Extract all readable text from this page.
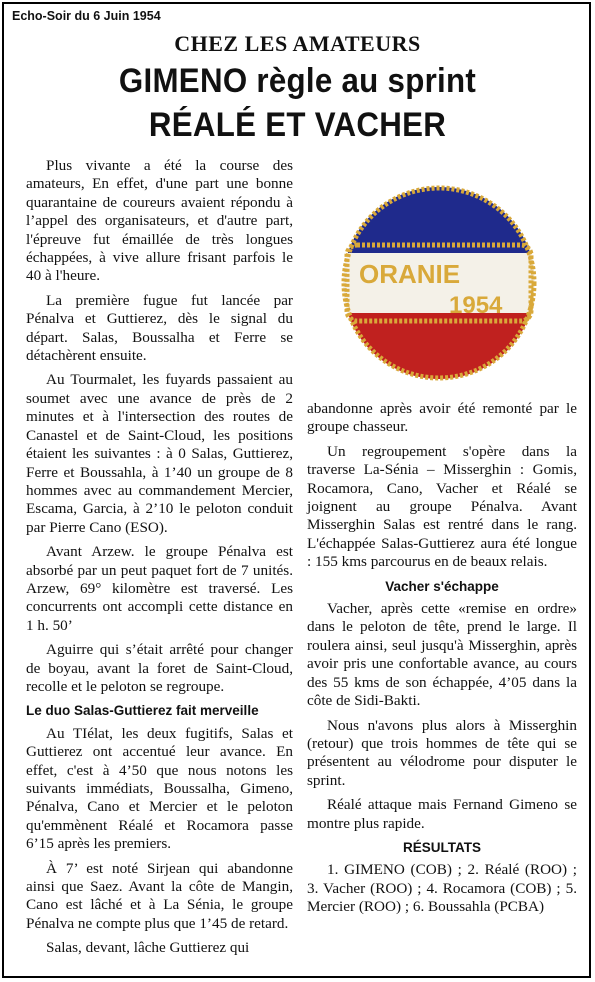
Echo-Soir du 6 Juin 1954
CHEZ LES AMATEURS
GIMENO règle au sprint
RÉALÉ ET VACHER

Plus vivante a été la course des amateurs, En effet, d'une part une bonne quarantaine de coureurs avaient répondu à l’appel des organisateurs, et d'autre part, l'épreuve fut émaillée de très longues échappées, à vive allure frisant parfois le 40 à l'heure.

La première fugue fut lancée par Pénalva et Guttierez, dès le signal du départ. Salas, Boussalha et Ferre se détachèrent ensuite.

Au Tourmalet, les fuyards passaient au soumet avec une avance de près de 2 minutes et à l'intersection des routes de Canastel et de Saint-Cloud, les positions étaient les suivantes : à 0 Salas, Guttierez, Ferre et Boussahla, à 1’40 un groupe de 8 hommes avec au commandement Mercier, Escama, Garcia, à 2’10 le peloton conduit par Pierre Cano (ESO).

Avant Arzew. le groupe Pénalva est absorbé par un peut paquet fort de 7 unités. Arzew, 69° kilomètre est traversé. Les concurrents ont accompli cette distance en 1 h. 50’

Aguirre qui s’était arrêté pour changer de boyau, avant la foret de Saint-Cloud, recolle et le peloton se regroupe.

Le duo Salas-Guttierez fait merveille

Au TIélat, les deux fugitifs, Salas et Guttierez ont accentué leur avance. En effet, c'est à 4’50 que nous notons les suivants immédiats, Boussalha, Gimeno, Pénalva, Cano et Mercier et le peloton qu'emmènent Réalé et Rocamora passe 6’15 après les premiers.

À 7’ est noté Sirjean qui abandonne ainsi que Saez. Avant la côte de Mangin, Cano est lâché et à La Sénia, le groupe Pénalva ne compte plus que 1’45 de retard.

Salas, devant, lâche Guttierez qui

ORANIE
1954

abandonne après avoir été remonté par le groupe chasseur.

Un regroupement s'opère dans la traverse La-Sénia – Misserghin : Gomis, Rocamora, Cano, Vacher et Réalé se joignent au groupe Pénalva. Avant Misserghin Salas est rentré dans le rang. L'échappée Salas-Guttierez aura été longue : 155 kms parcourus en de beaux relais.

Vacher s'échappe

Vacher, après cette «remise en ordre» dans le peloton de tête, prend le large. Il roulera ainsi, seul jusqu'à Misserghin, après avoir pris une confortable avance, au cours des 55 kms de son échappée, 4’05 dans la côte de Sidi-Bakti.

Nous n'avons plus alors à Misserghin (retour) que trois hommes de tête qui se présentent au vélodrome pour disputer le sprint.

Réalé attaque mais Fernand Gimeno se montre plus rapide.

RÉSULTATS

1. GIMENO (COB) ; 2. Réalé (ROO) ; 3. Vacher (ROO) ; 4. Rocamora (COB) ; 5. Mercier (ROO) ; 6. Boussahla (PCBA)
